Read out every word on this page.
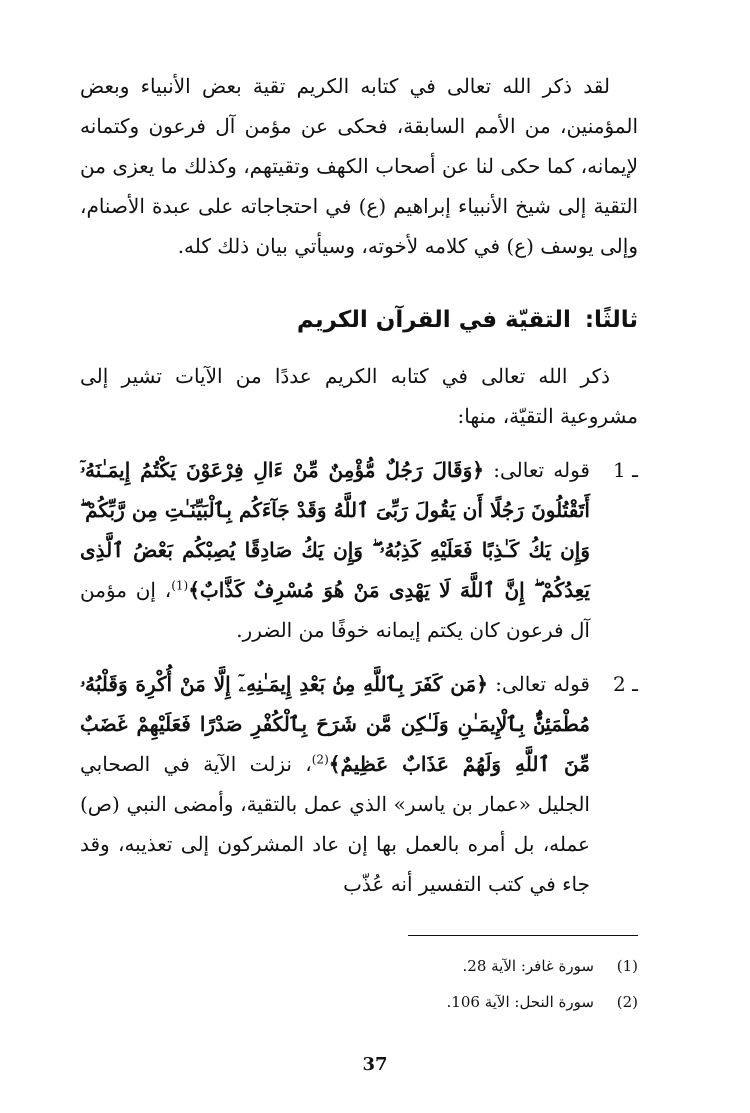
لقد ذكر الله تعالى في كتابه الكريم تقية بعض الأنبياء وبعض المؤمنين، من الأمم السابقة، فحكى عن مؤمن آل فرعون وكتمانه لإيمانه، كما حكى لنا عن أصحاب الكهف وتقيتهم، وكذلك ما يعزى من التقية إلى شيخ الأنبياء إبراهيم (ع) في احتجاجاته على عبدة الأصنام، وإلى يوسف (ع) في كلامه لأخوته، وسيأتي بيان ذلك كله.

ثالثًا: التقيّة في القرآن الكريم

ذكر الله تعالى في كتابه الكريم عددًا من الآيات تشير إلى مشروعية التقيّة، منها:

1 ـ
قوله تعالى: ﴿وَقَالَ رَجُلٌ مُّؤْمِنٌ مِّنْ ءَالِ فِرْعَوْنَ يَكْتُمُ إِيمَـٰنَهُۥٓ أَتَقْتُلُونَ رَجُلًا أَن يَقُولَ رَبِّىَ ٱللَّهُ وَقَدْ جَآءَكُم بِٱلْبَيِّنَـٰتِ مِن رَّبِّكُمْ ۖ وَإِن يَكُ كَـٰذِبًا فَعَلَيْهِ كَذِبُهُۥ ۖ وَإِن يَكُ صَادِقًا يُصِبْكُم بَعْضُ ٱلَّذِى يَعِدُكُمْ ۖ إِنَّ ٱللَّهَ لَا يَهْدِى مَنْ هُوَ مُسْرِفٌ كَذَّابٌ﴾$^{(1)}$، إن مؤمن آل فرعون كان يكتم إيمانه خوفًا من الضرر.
2 ـ
قوله تعالى: ﴿مَن كَفَرَ بِٱللَّهِ مِنۢ بَعْدِ إِيمَـٰنِهِۦٓ إِلَّا مَنْ أُكْرِهَ وَقَلْبُهُۥ مُطْمَئِنٌّۢ بِٱلْإِيمَـٰنِ وَلَـٰكِن مَّن شَرَحَ بِٱلْكُفْرِ صَدْرًا فَعَلَيْهِمْ غَضَبٌ مِّنَ ٱللَّهِ وَلَهُمْ عَذَابٌ عَظِيمٌ﴾$^{(2)}$، نزلت الآية في الصحابي الجليل «عمار بن ياسر» الذي عمل بالتقية، وأمضى النبي (ص) عمله، بل أمره بالعمل بها إن عاد المشركون إلى تعذيبه، وقد جاء في كتب التفسير أنه عُذّب
(1) سورة غافر: الآية 28.
(2) سورة النحل: الآية 106.
37
